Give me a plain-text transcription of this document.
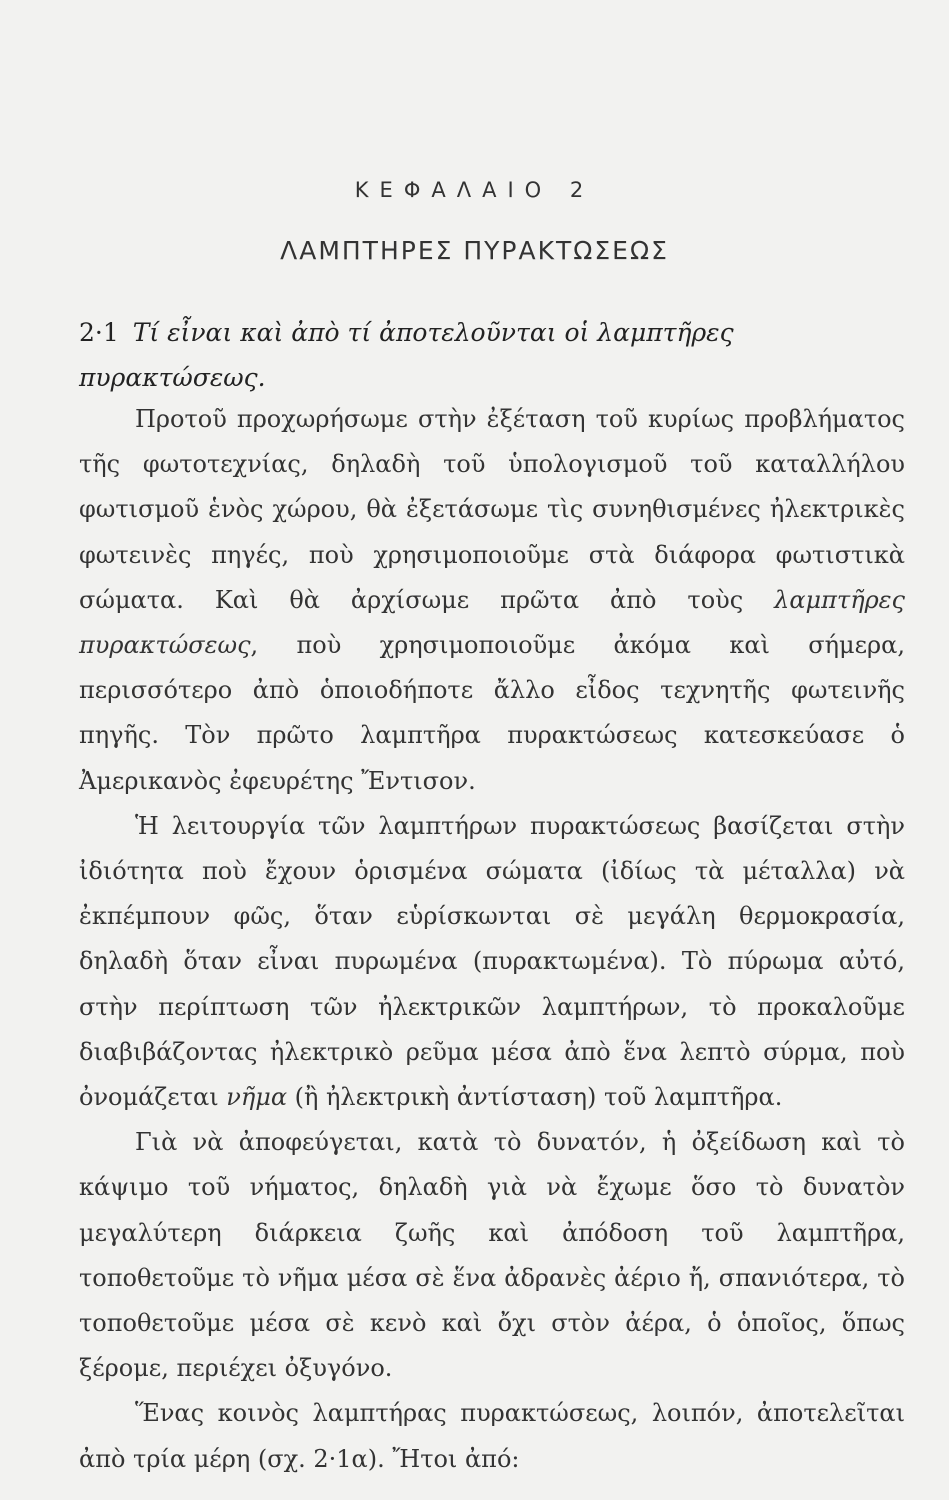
ΚΕΦΑΛΑΙΟ 2
ΛΑΜΠΤΗΡΕΣ ΠΥΡΑΚΤΩΣΕΩΣ
2·1 Τί εἶναι καὶ ἀπὸ τί ἀποτελοῦνται οἱ λαμπτῆρες πυρακτώσεως.

Προτοῦ προχωρήσωμε στὴν ἐξέταση τοῦ κυρίως προβλήματος τῆς φωτοτεχνίας, δηλαδὴ τοῦ ὑπολογισμοῦ τοῦ καταλλήλου φωτισμοῦ ἑνὸς χώρου, θὰ ἐξετάσωμε τὶς συνηθισμένες ἠλεκτρικὲς φωτεινὲς πηγές, ποὺ χρησιμοποιοῦμε στὰ διάφορα φωτιστικὰ σώματα. Καὶ θὰ ἀρχίσωμε πρῶτα ἀπὸ τοὺς λαμπτῆρες πυρακτώσεως, ποὺ χρησιμοποιοῦμε ἀκόμα καὶ σήμερα, περισσότερο ἀπὸ ὁποιοδήποτε ἄλλο εἶδος τεχνητῆς φωτεινῆς πηγῆς. Τὸν πρῶτο λαμπτῆρα πυρακτώσεως κατεσκεύασε ὁ Ἀμερικανὸς ἐφευρέτης Ἔντισον.

Ἡ λειτουργία τῶν λαμπτήρων πυρακτώσεως βασίζεται στὴν ἰδιότητα ποὺ ἔχουν ὁρισμένα σώματα (ἰδίως τὰ μέταλλα) νὰ ἐκπέμπουν φῶς, ὅταν εὑρίσκωνται σὲ μεγάλη θερμοκρασία, δηλαδὴ ὅταν εἶναι πυρωμένα (πυρακτωμένα). Τὸ πύρωμα αὐτό, στὴν περίπτωση τῶν ἠλεκτρικῶν λαμπτήρων, τὸ προκαλοῦμε διαβιβάζοντας ἠλεκτρικὸ ρεῦμα μέσα ἀπὸ ἕνα λεπτὸ σύρμα, ποὺ ὀνομάζεται νῆμα (ἢ ἠλεκτρικὴ ἀντίσταση) τοῦ λαμπτῆρα.

Γιὰ νὰ ἀποφεύγεται, κατὰ τὸ δυνατόν, ἡ ὀξείδωση καὶ τὸ κάψιμο τοῦ νήματος, δηλαδὴ γιὰ νὰ ἔχωμε ὅσο τὸ δυνατὸν μεγαλύτερη διάρκεια ζωῆς καὶ ἀπόδοση τοῦ λαμπτῆρα, τοποθετοῦμε τὸ νῆμα μέσα σὲ ἕνα ἀδρανὲς ἀέριο ἤ, σπανιότερα, τὸ τοποθετοῦμε μέσα σὲ κενὸ καὶ ὄχι στὸν ἀέρα, ὁ ὁποῖος, ὅπως ξέρομε, περιέχει ὀξυγόνο.

Ἕνας κοινὸς λαμπτήρας πυρακτώσεως, λοιπόν, ἀποτελεῖται ἀπὸ τρία μέρη (σχ. 2·1α). Ἤτοι ἀπό:
